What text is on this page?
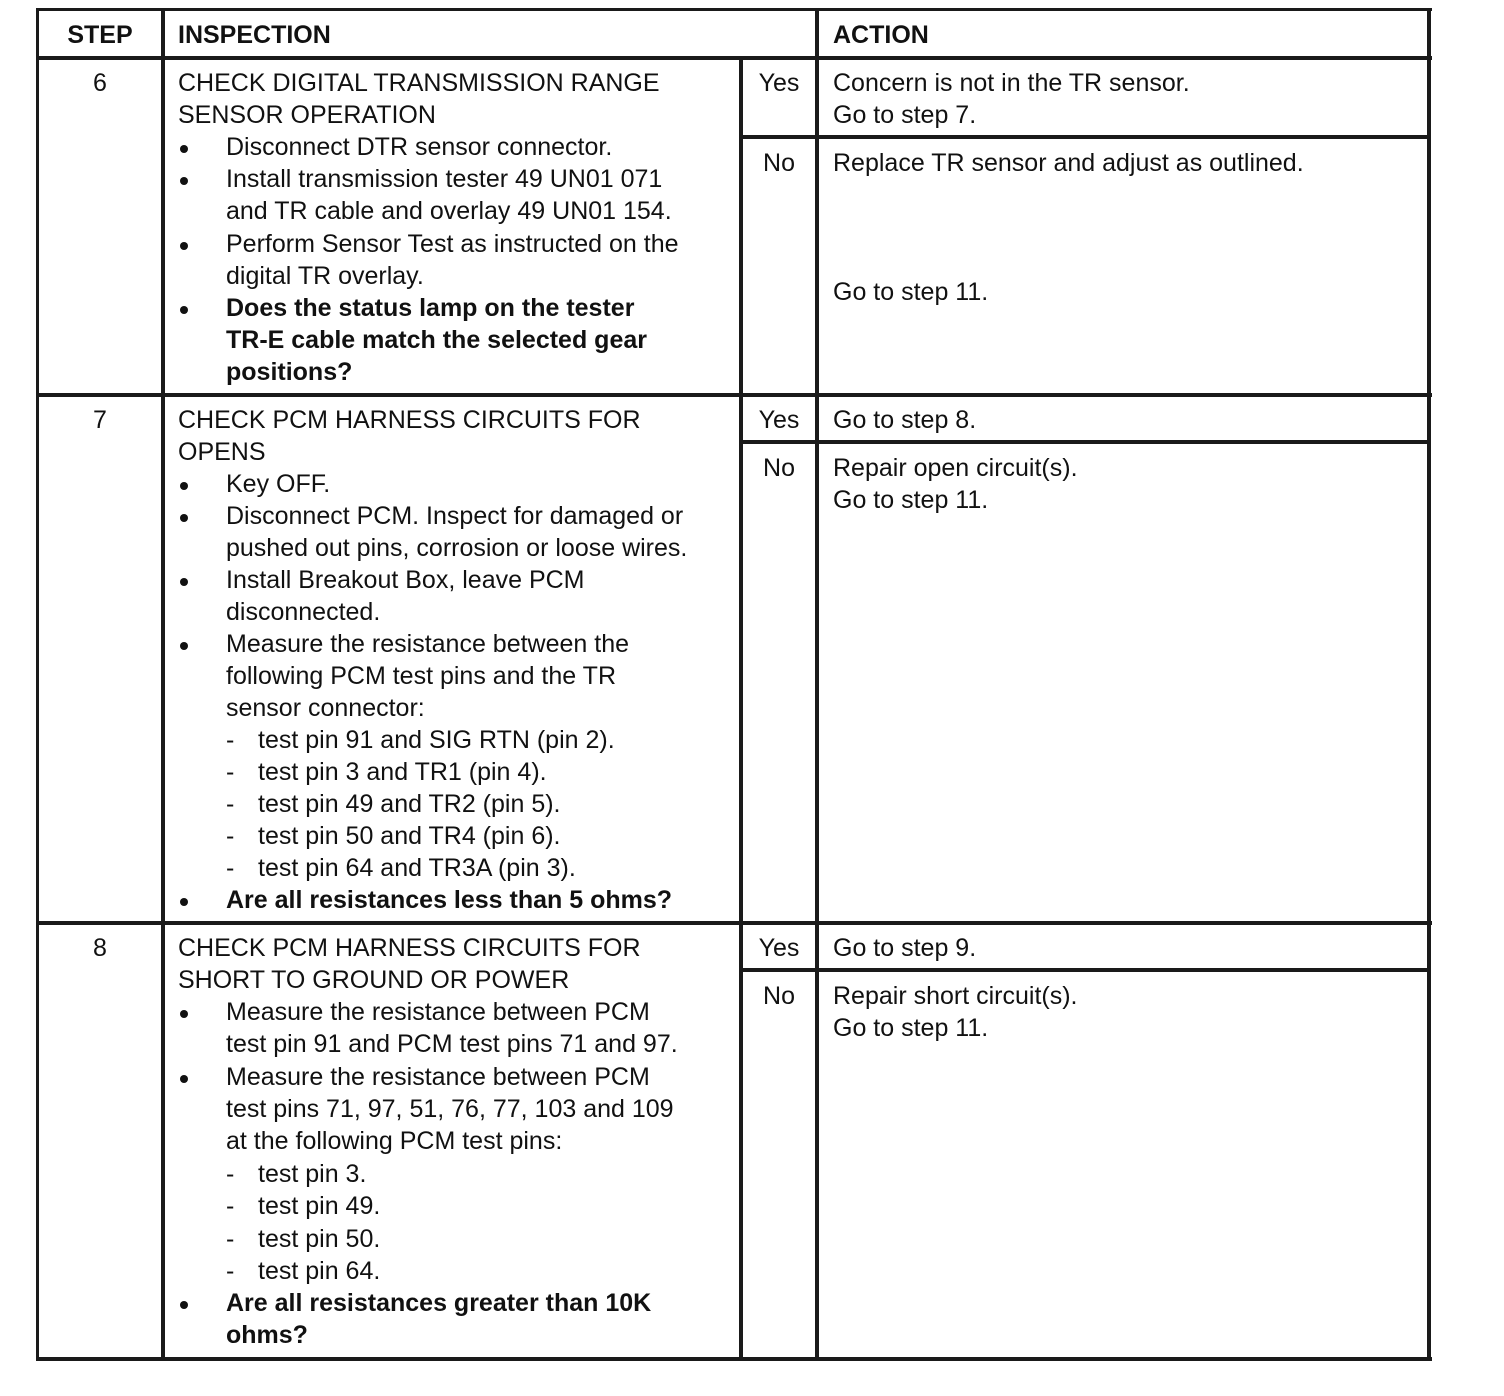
STEP	INSPECTION	ACTION
6	CHECK DIGITAL TRANSMISSION RANGE
SENSOR OPERATION
Disconnect DTR sensor connector.
Install transmission tester 49 UN01 071
and TR cable and overlay 49 UN01 154.
Perform Sensor Test as instructed on the
digital TR overlay.
Does the status lamp on the tester
TR-E cable match the selected gear
positions?
Yes	Concern is not in the TR sensor.
Go to step 7.
No	Replace TR sensor and adjust as outlined.
Go to step 11.
7	CHECK PCM HARNESS CIRCUITS FOR
OPENS
Key OFF.
Disconnect PCM. Inspect for damaged or
pushed out pins, corrosion or loose wires.
Install Breakout Box, leave PCM
disconnected.
Measure the resistance between the
following PCM test pins and the TR
sensor connector:
- test pin 91 and SIG RTN (pin 2).
- test pin 3 and TR1 (pin 4).
- test pin 49 and TR2 (pin 5).
- test pin 50 and TR4 (pin 6).
- test pin 64 and TR3A (pin 3).
Are all resistances less than 5 ohms?
Yes	Go to step 8.
No	Repair open circuit(s).
Go to step 11.
8	CHECK PCM HARNESS CIRCUITS FOR
SHORT TO GROUND OR POWER
Measure the resistance between PCM
test pin 91 and PCM test pins 71 and 97.
Measure the resistance between PCM
test pins 71, 97, 51, 76, 77, 103 and 109
at the following PCM test pins:
- test pin 3.
- test pin 49.
- test pin 50.
- test pin 64.
Are all resistances greater than 10K
ohms?
Yes	Go to step 9.
No	Repair short circuit(s).
Go to step 11.
